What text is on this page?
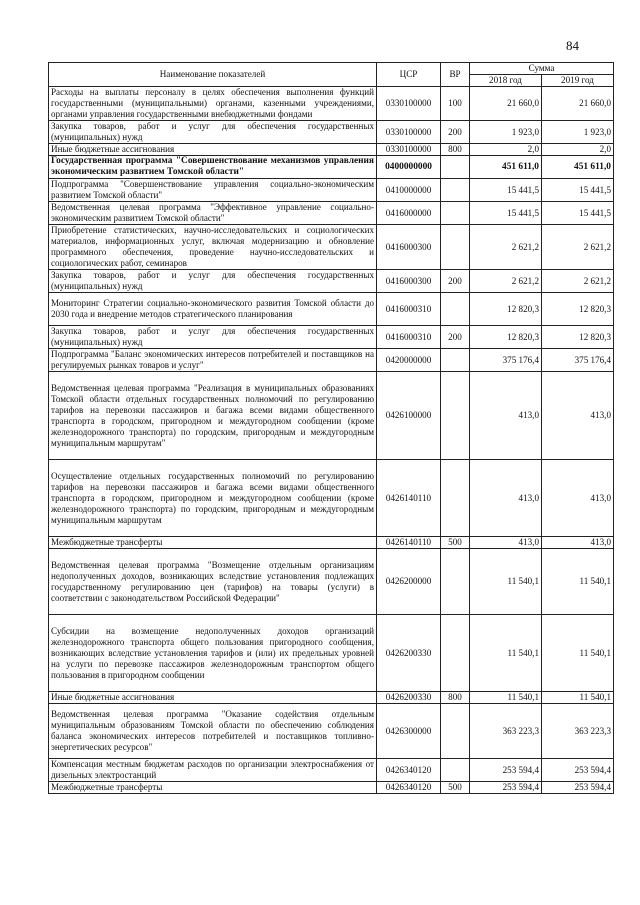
84
Наименование показателей	ЦСР	ВР	Сумма	
			2018 год	2019 год
Расходы на выплаты персоналу в целях обеспечения выполнения функций государственными (муниципальными) органами, казенными учреждениями, органами управления государственными внебюджетными фондами	0330100000	100	21 660,0	21 660,0
Закупка товаров, работ и услуг для обеспечения государственных (муниципальных) нужд	0330100000	200	1 923,0	1 923,0
Иные бюджетные ассигнования	0330100000	800	2,0	2,0
Государственная программа "Совершенствование механизмов управления экономическим развитием Томской области"	0400000000		451 611,0	451 611,0
Подпрограмма "Совершенствование управления социально-экономическим развитием Томской области"	0410000000		15 441,5	15 441,5
Ведомственная целевая программа "Эффективное управление социально-экономическим развитием Томской области"	0416000000		15 441,5	15 441,5
Приобретение статистических, научно-исследовательских и социологических материалов, информационных услуг, включая модернизацию и обновление программного обеспечения, проведение научно-исследовательских и социологических работ, семинаров	0416000300		2 621,2	2 621,2
Закупка товаров, работ и услуг для обеспечения государственных (муниципальных) нужд	0416000300	200	2 621,2	2 621,2
Мониторинг Стратегии социально-экономического развития Томской области до 2030 года и внедрение методов стратегического планирования	0416000310		12 820,3	12 820,3
Закупка товаров, работ и услуг для обеспечения государственных (муниципальных) нужд	0416000310	200	12 820,3	12 820,3
Подпрограмма "Баланс экономических интересов потребителей и поставщиков на регулируемых рынках товаров и услуг"	0420000000		375 176,4	375 176,4
Ведомственная целевая программа "Реализация в муниципальных образованиях Томской области отдельных государственных полномочий по регулированию тарифов на перевозки пассажиров и багажа всеми видами общественного транспорта в городском, пригородном и междугородном сообщении (кроме железнодорожного транспорта) по городским, пригородным и междугородным муниципальным маршрутам"	0426100000		413,0	413,0
Осуществление отдельных государственных полномочий по регулированию тарифов на перевозки пассажиров и багажа всеми видами общественного транспорта в городском, пригородном и междугородном сообщении (кроме железнодорожного транспорта) по городским, пригородным и междугородным муниципальным маршрутам	0426140110		413,0	413,0
Межбюджетные трансферты	0426140110	500	413,0	413,0
Ведомственная целевая программа "Возмещение отдельным организациям недополученных доходов, возникающих вследствие установления подлежащих государственному регулированию цен (тарифов) на товары (услуги) в соответствии с законодательством Российской Федерации"	0426200000		11 540,1	11 540,1
Субсидии на возмещение недополученных доходов организаций железнодорожного транспорта общего пользования пригородного сообщения, возникающих вследствие установления тарифов и (или) их предельных уровней на услуги по перевозке пассажиров железнодорожным транспортом общего пользования в пригородном сообщении	0426200330		11 540,1	11 540,1
Иные бюджетные ассигнования	0426200330	800	11 540,1	11 540,1
Ведомственная целевая программа "Оказание содействия отдельным муниципальным образованиям Томской области по обеспечению соблюдения баланса экономических интересов потребителей и поставщиков топливно-энергетических ресурсов"	0426300000		363 223,3	363 223,3
Компенсация местным бюджетам расходов по организации электроснабжения от дизельных электростанций	0426340120		253 594,4	253 594,4
Межбюджетные трансферты	0426340120	500	253 594,4	253 594,4
